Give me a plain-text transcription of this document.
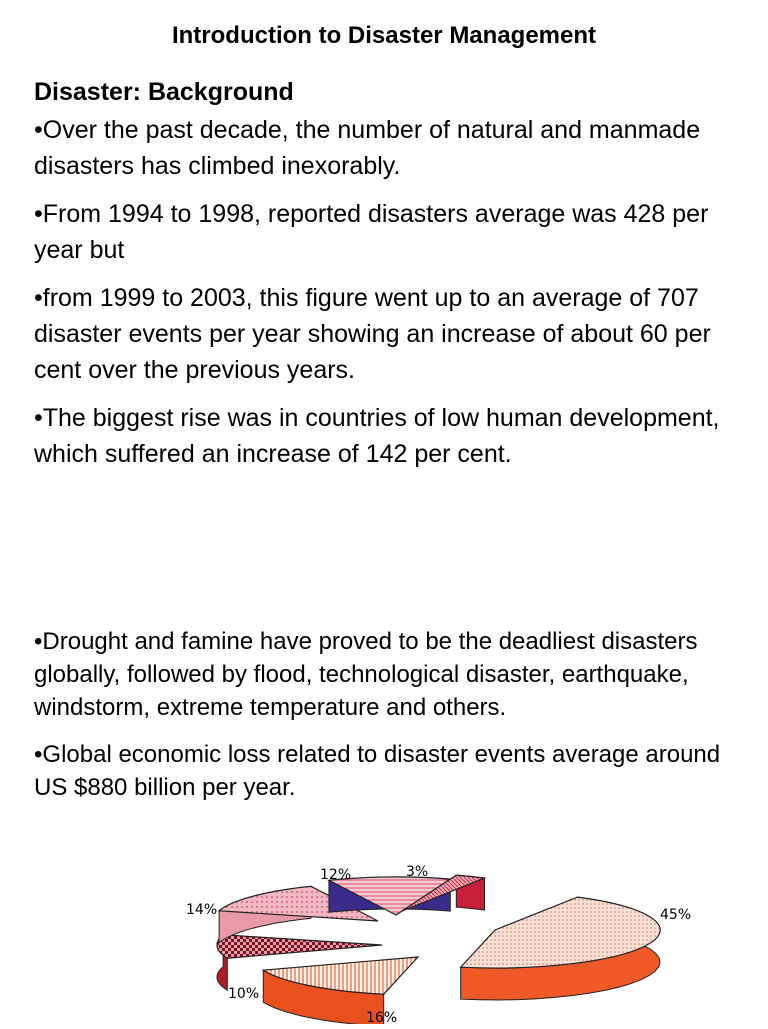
Introduction to Disaster Management
Disaster: Background

•Over the past decade, the number of natural and manmade disasters has climbed inexorably.

•From 1994 to 1998, reported disasters average was 428 per year but

•from 1999 to 2003, this figure went up to an average of 707 disaster events per year showing an increase of about 60 per cent over the previous years.

•The biggest rise was in countries of low human development, which suffered an increase of 142 per cent.

•Drought and famine have proved to be the deadliest disasters globally, followed by flood, technological disaster, earthquake, windstorm, extreme temperature and others.

•Global economic loss related to disaster events average around US $880 billion per year.

45%
16%
10%
14%
12%	3%
